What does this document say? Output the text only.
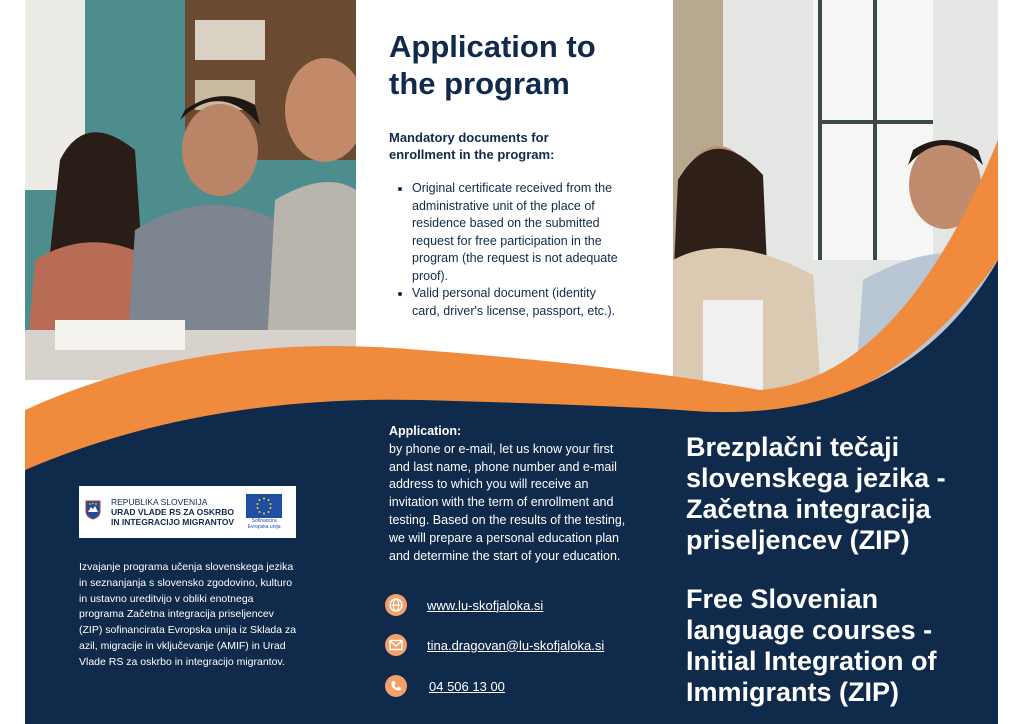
Application to
the program
Mandatory documents for
enrollment in the program:
• Original certificate received from the administrative unit of the place of residence based on the submitted request for free participation in the program (the request is not adequate proof).
• Valid personal document (identity card, driver's license, passport, etc.).
Application:
by phone or e-mail, let us know your first and last name, phone number and e-mail address to which you will receive an invitation with the term of enrollment and testing. Based on the results of the testing, we will prepare a personal education plan and determine the start of your education.
www.lu-skofjaloka.si
tina.dragovan@lu-skofjaloka.si
04 506 13 00
REPUBLIKA SLOVENIJA
URAD VLADE RS ZA OSKRBO
IN INTEGRACIJO MIGRANTOV	Sofinancira
Evropska unija
Izvajanje programa učenja slovenskega jezika in seznanjanja s slovensko zgodovino, kulturo in ustavno ureditvijo v obliki enotnega programa Začetna integracija priseljencev (ZIP) sofinancirata Evropska unija iz Sklada za azil, migracije in vključevanje (AMIF) in Urad Vlade RS za oskrbo in integracijo migrantov.
Brezplačni tečaji slovenskega jezika - Začetna integracija priseljencev (ZIP)
Free Slovenian language courses - Initial Integration of Immigrants (ZIP)
